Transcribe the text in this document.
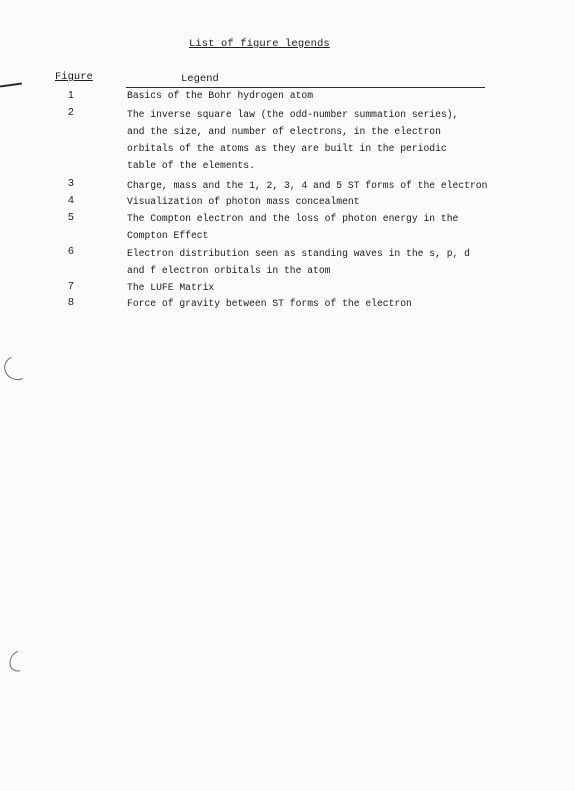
List of figure legends
Figure	Legend
1	Basics of the Bohr hydrogen atom
2	The inverse square law (the odd-number summation series),
and the size, and number of electrons, in the electron
orbitals of the atoms as they are built in the periodic
table of the elements.
3	Charge, mass and the 1, 2, 3, 4 and 5 ST forms of the electron
4	Visualization of photon mass concealment
5	The Compton electron and the loss of photon energy in the
Compton Effect
6	Electron distribution seen as standing waves in the s, p, d
and f electron orbitals in the atom
7	The LUFE Matrix
8	Force of gravity between ST forms of the electron
